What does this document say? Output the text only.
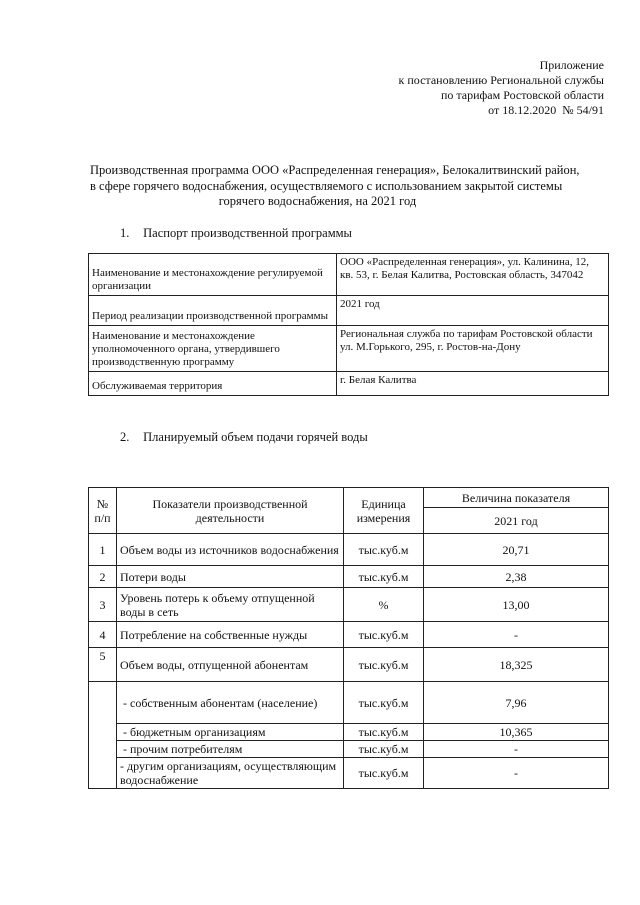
Приложение
к постановлению Региональной службы
по тарифам Ростовской области
от 18.12.2020  № 54/91
Производственная программа ООО «Распределенная генерация», Белокалитвинский район,
в сфере горячего водоснабжения, осуществляемого с использованием закрытой системы
горячего водоснабжения, на 2021 год
1. Паспорт производственной программы
Наименование и местонахождение регулируемой организации	ООО «Распределенная генерация», ул. Калинина, 12, кв. 53, г. Белая Калитва, Ростовская область, 347042
Период реализации производственной программы	2021 год
Наименование и местонахождение уполномоченного органа, утвердившего производственную программу	Региональная служба по тарифам Ростовской области
ул. М.Горького, 295, г. Ростов-на-Дону

Обслуживаемая территория	г. Белая Калитва
2. Планируемый объем подачи горячей воды
№ п/п	Показатели производственной деятельности	Единица измерения	Величина показателя
			2021 год
1	Объем воды из источников водоснабжения	тыс.куб.м	20,71
2	Потери воды	тыс.куб.м	2,38
3	Уровень потерь к объему отпущенной воды в сеть	%	13,00
4	Потребление на собственные нужды	тыс.куб.м	-
5	Объем воды, отпущенной абонентам	тыс.куб.м	18,325
	- собственным абонентам (население)	тыс.куб.м	7,96
	- бюджетным организациям	тыс.куб.м	10,365
	- прочим потребителям	тыс.куб.м	-
	- другим организациям, осуществляющим водоснабжение	тыс.куб.м	-
